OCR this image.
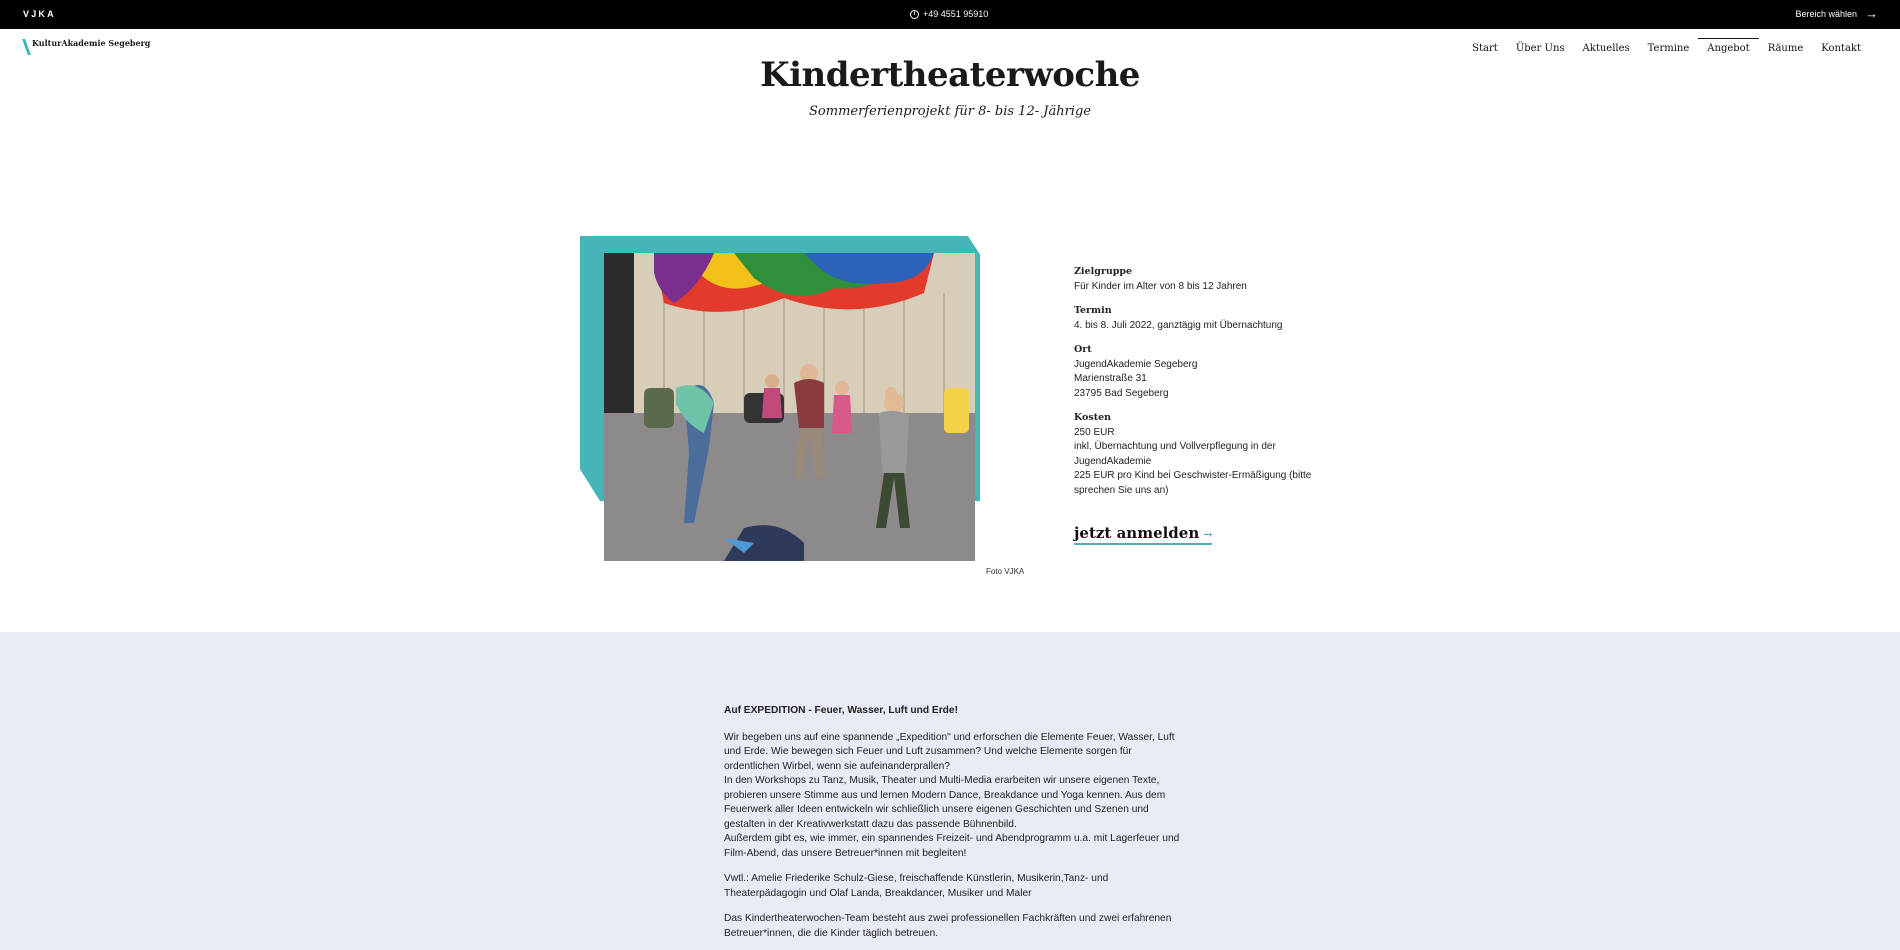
VJKA	i +49 4551 95910	Bereich wählen →
KulturAkademie Segeberg	Start	Über Uns	Aktuelles	Termine	Angebot	Räume	Kontakt
Kindertheaterwoche
Sommerferienprojekt für 8- bis 12- Jährige
Foto VJKA
Zielgruppe
Für Kinder im Alter von 8 bis 12 Jahren
Termin
4. bis 8. Juli 2022, ganztägig mit Übernachtung
Ort
JugendAkademie Segeberg
Marienstraße 31
23795 Bad Segeberg
Kosten
250 EUR
inkl. Übernachtung und Vollverpflegung in der JugendAkademie
225 EUR pro Kind bei Geschwister-Ermäßigung (bitte sprechen Sie uns an)
jetzt anmelden →

Auf EXPEDITION - Feuer, Wasser, Luft und Erde!

Wir begeben uns auf eine spannende „Expedition" und erforschen die Elemente Feuer, Wasser, Luft und Erde. Wie bewegen sich Feuer und Luft zusammen? Und welche Elemente sorgen für ordentlichen Wirbel, wenn sie aufeinanderprallen?
In den Workshops zu Tanz, Musik, Theater und Multi-Media erarbeiten wir unsere eigenen Texte, probieren unsere Stimme aus und lernen Modern Dance, Breakdance und Yoga kennen. Aus dem Feuerwerk aller Ideen entwickeln wir schließlich unsere eigenen Geschichten und Szenen und gestalten in der Kreativwerkstatt dazu das passende Bühnenbild.
Außerdem gibt es, wie immer, ein spannendes Freizeit- und Abendprogramm u.a. mit Lagerfeuer und Film-Abend, das unsere Betreuer*innen mit begleiten!

Vwtl.: Amelie Friederike Schulz-Giese, freischaffende Künstlerin, Musikerin,Tanz- und Theaterpädagogin und Olaf Landa, Breakdancer, Musiker und Maler

Das Kindertheaterwochen-Team besteht aus zwei professionellen Fachkräften und zwei erfahrenen Betreuer*innen, die die Kinder täglich betreuen.
